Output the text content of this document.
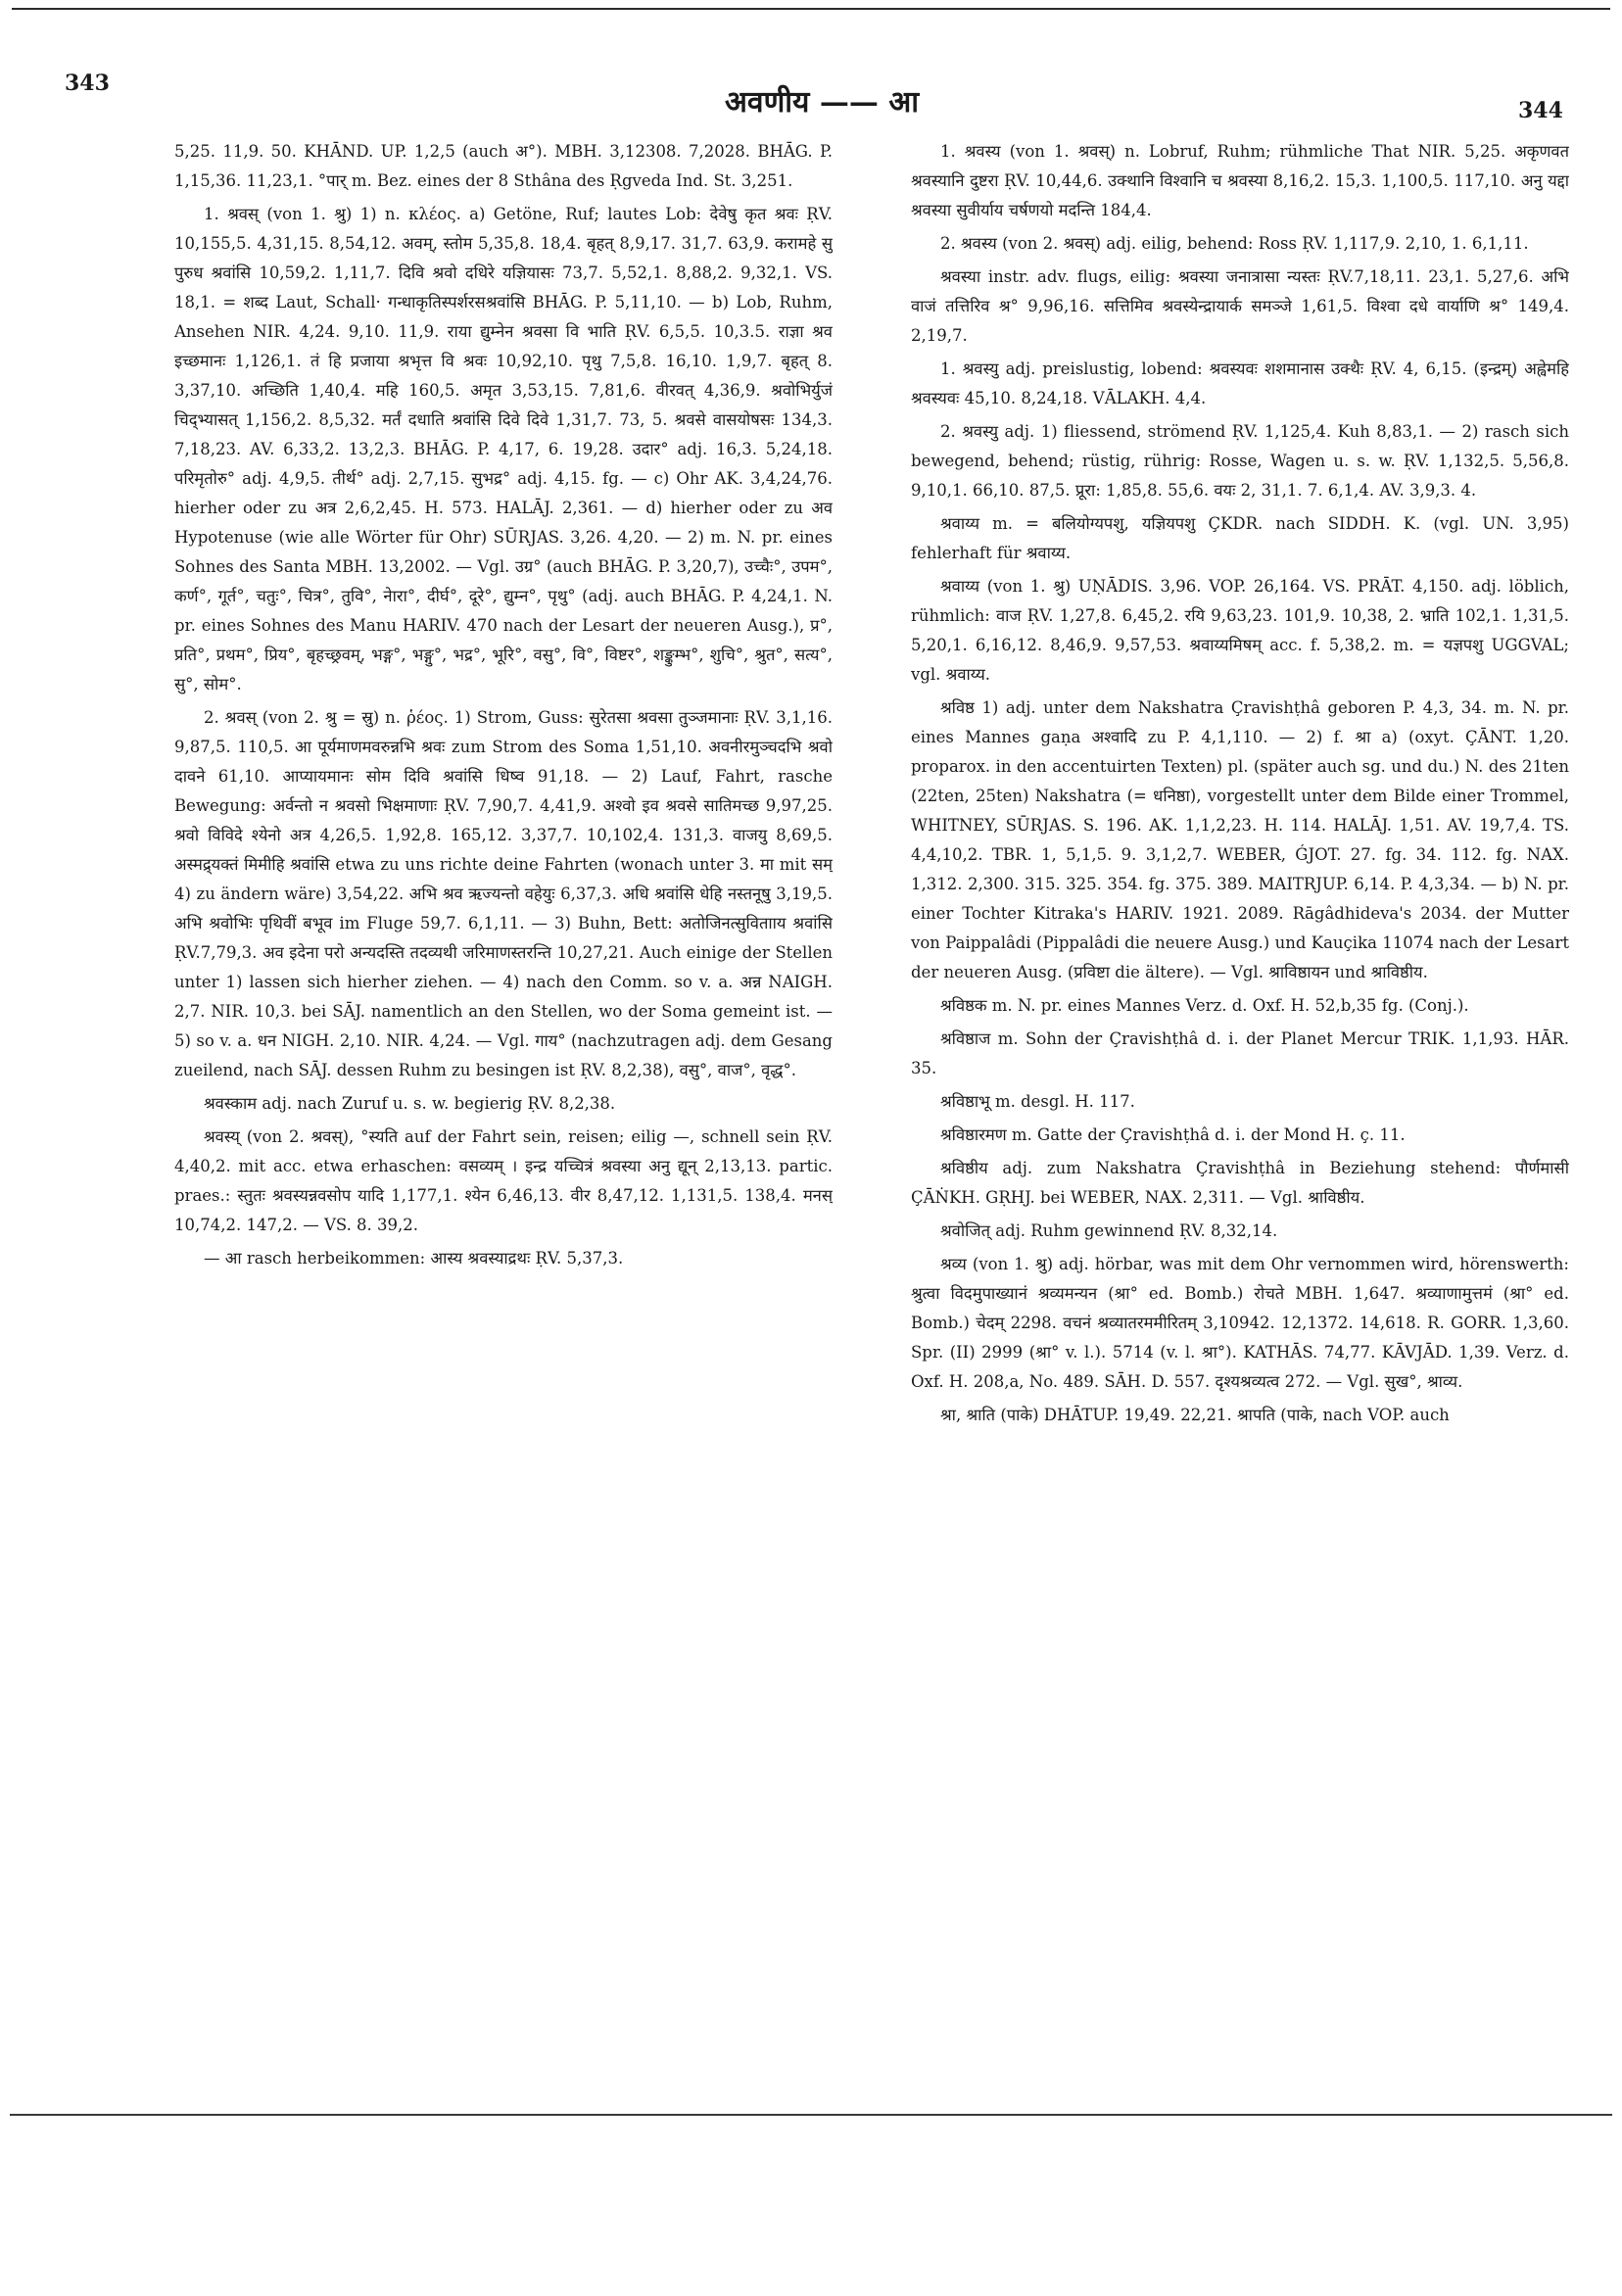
343
अवणीय —— आ	344

5,25. 11,9. 50. KHĀND. UP. 1,2,5 (auch अ°). MBH. 3,12308. 7,2028. BHĀG. P. 1,15,36. 11,23,1. °पार् m. Bez. eines der 8 Sthâna des Ṛgveda Ind. St. 3,251.

1. श्रवस् (von 1. श्रु) 1) n. κλέος. a) Getöne, Ruf; lautes Lob: देवेषु कृत श्रवः ṚV. 10,155,5. 4,31,15. 8,54,12. अवम्, स्तोम 5,35,8. 18,4. बृहत् 8,9,17. 31,7. 63,9. करामहे सु पुरुध श्रवांसि 10,59,2. 1,11,7. दिवि श्रवो दधिरे यज्ञियासः 73,7. 5,52,1. 8,88,2. 9,32,1. VS. 18,1. = शब्द Laut, Schall· गन्धाकृतिस्पर्शरसश्रवांसि BHĀG. P. 5,11,10. — b) Lob, Ruhm, Ansehen NIR. 4,24. 9,10. 11,9. राया द्युम्नेन श्रवसा वि भाति ṚV. 6,5,5. 10,3.5. राज्ञा श्रव इच्छमानः 1,126,1. तं हि प्रजाया श्रभृत्त वि श्रवः 10,92,10. पृथु 7,5,8. 16,10. 1,9,7. बृहत् 8. 3,37,10. अच्छिति 1,40,4. महि 160,5. अमृत 3,53,15. 7,81,6. वीरवत् 4,36,9. श्रवोभिर्युजं चिद्भ्यासत् 1,156,2. 8,5,32. मर्तं दधाति श्रवांसि दिवे दिवे 1,31,7. 73, 5. श्रवसे वासयोषसः 134,3. 7,18,23. AV. 6,33,2. 13,2,3. BHĀG. P. 4,17, 6. 19,28. उदार° adj. 16,3. 5,24,18. परिमृतोरु° adj. 4,9,5. तीर्थ° adj. 2,7,15. सुभद्र° adj. 4,15. fg. — c) Ohr AK. 3,4,24,76. hierher oder zu अत्र 2,6,2,45. H. 573. HALĀJ. 2,361. — d) hierher oder zu अव Hypotenuse (wie alle Wörter für Ohr) SŪRJAS. 3,26. 4,20. — 2) m. N. pr. eines Sohnes des Santa MBH. 13,2002. — Vgl. उग्र° (auch BHĀG. P. 3,20,7), उच्चैः°, उपम°, कर्ण°, गूर्त°, चतुः°, चित्र°, तुवि°, नेारा°, दीर्घ°, दूरे°, द्युम्न°, पृथु° (adj. auch BHĀG. P. 4,24,1. N. pr. eines Sohnes des Manu HARIV. 470 nach der Lesart der neueren Ausg.), प्र°, प्रति°, प्रथम°, प्रिय°, बृहच्छ्रवम्, भङ्ग°, भङ्गु°, भद्र°, भूरि°, वसु°, वि°, विष्टर°, शङ्कुम्भ°, शुचि°, श्रुत°, सत्य°, सु°, सोम°.

2. श्रवस् (von 2. श्रु = स्रु) n. ῥέος. 1) Strom, Guss: सुरेतसा श्रवसा तुञ्जमानाः ṚV. 3,1,16. 9,87,5. 110,5. आ पूर्यमाणमवरुन्नभि श्रवः zum Strom des Soma 1,51,10. अवनीरमुञ्चदभि श्रवो दावने 61,10. आप्यायमानः सोम दिवि श्रवांसि धिष्व 91,18. — 2) Lauf, Fahrt, rasche Bewegung: अर्वन्तो न श्रवसो भिक्षमाणाः ṚV. 7,90,7. 4,41,9. अश्वो इव श्रवसे सातिमच्छ 9,97,25. श्रवो विविदे श्येनो अत्र 4,26,5. 1,92,8. 165,12. 3,37,7. 10,102,4. 131,3. वाजयु 8,69,5. अस्मद्र्यक्तं मिमीहि श्रवांसि etwa zu uns richte deine Fahrten (wonach unter 3. मा mit सम् 4) zu ändern wäre) 3,54,22. अभि श्रव ऋज्यन्तो वहेयुः 6,37,3. अधि श्रवांसि धेहि नस्तनूषु 3,19,5. अभि श्रवोभिः पृथिवीं बभूव im Fluge 59,7. 6,1,11. — 3) Buhn, Bett: अतोजिनत्सुवितााय श्रवांसि ṚV.7,79,3. अव इदेना परो अन्यदस्ति तदव्यथी जरिमाणस्तरन्ति 10,27,21. Auch einige der Stellen unter 1) lassen sich hierher ziehen. — 4) nach den Comm. so v. a. अन्न NAIGH. 2,7. NIR. 10,3. bei SĀJ. namentlich an den Stellen, wo der Soma gemeint ist. — 5) so v. a. धन NIGH. 2,10. NIR. 4,24. — Vgl. गाय° (nachzutragen adj. dem Gesang zueilend, nach SĀJ. dessen Ruhm zu besingen ist ṚV. 8,2,38), वसु°, वाज°, वृद्ध°.

श्रवस्काम adj. nach Zuruf u. s. w. begierig ṚV. 8,2,38.

श्रवस्य् (von 2. श्रवस्), °स्यति auf der Fahrt sein, reisen; eilig —, schnell sein ṚV. 4,40,2. mit acc. etwa erhaschen: वसव्यम् । इन्द्र यच्चित्रं श्रवस्या अनु द्यून् 2,13,13. partic. praes.: स्तुतः श्रवस्यन्नवसोप यादि 1,177,1. श्येन 6,46,13. वीर 8,47,12. 1,131,5. 138,4. मनस् 10,74,2. 147,2. — VS. 8. 39,2.

— आ rasch herbeikommen: आस्य श्रवस्याद्रथः ṚV. 5,37,3.

1. श्रवस्य (von 1. श्रवस्) n. Lobruf, Ruhm; rühmliche That NIR. 5,25. अकृणवत श्रवस्यानि दुष्टरा ṚV. 10,44,6. उक्थानि विश्वानि च श्रवस्या 8,16,2. 15,3. 1,100,5. 117,10. अनु यद्दा श्रवस्या सुवीर्याय चर्षणयो मदन्ति 184,4.

2. श्रवस्य (von 2. श्रवस्) adj. eilig, behend: Ross ṚV. 1,117,9. 2,10, 1. 6,1,11.

श्रवस्या instr. adv. flugs, eilig: श्रवस्या जनात्रासा न्यस्तः ṚV.7,18,11. 23,1. 5,27,6. अभि वाजं तत्तिरिव श्र° 9,96,16. सत्तिमिव श्रवस्येन्द्रायार्क समञ्जे 1,61,5. विश्वा दधे वार्याणि श्र° 149,4. 2,19,7.

1. श्रवस्यु adj. preislustig, lobend: श्रवस्यवः शशमानास उक्थैः ṚV. 4, 6,15. (इन्द्रम्) अह्वेमहि श्रवस्यवः 45,10. 8,24,18. VĀLAKH. 4,4.

2. श्रवस्यु adj. 1) fliessend, strömend ṚV. 1,125,4. Kuh 8,83,1. — 2) rasch sich bewegend, behend; rüstig, rührig: Rosse, Wagen u. s. w. ṚV. 1,132,5. 5,56,8. 9,10,1. 66,10. 87,5. प्रूरा: 1,85,8. 55,6. वयः 2, 31,1. 7. 6,1,4. AV. 3,9,3. 4.

श्रवाय्य m. = बलियोग्यपशु, यज्ञियपशु ÇKDR. nach SIDDH. K. (vgl. UN. 3,95) fehlerhaft für श्रवाय्य.

श्रवाय्य (von 1. श्रु) UṆĀDIS. 3,96. VOP. 26,164. VS. PRĀT. 4,150. adj. löblich, rühmlich: वाज ṚV. 1,27,8. 6,45,2. रयि 9,63,23. 101,9. 10,38, 2. भ्राति 102,1. 1,31,5. 5,20,1. 6,16,12. 8,46,9. 9,57,53. श्रवाय्यमिषम् acc. f. 5,38,2. m. = यज्ञपशु UGGVAL; vgl. श्रवाय्य.

श्रविष्ठ 1) adj. unter dem Nakshatra Çravishṭhâ geboren P. 4,3, 34. m. N. pr. eines Mannes gaṇa अश्वादि zu P. 4,1,110. — 2) f. श्रा a) (oxyt. ÇĀNT. 1,20. proparox. in den accentuirten Texten) pl. (später auch sg. und du.) N. des 21ten (22ten, 25ten) Nakshatra (= धनिष्ठा), vorgestellt unter dem Bilde einer Trommel, WHITNEY, SŪRJAS. S. 196. AK. 1,1,2,23. H. 114. HALĀJ. 1,51. AV. 19,7,4. TS. 4,4,10,2. TBR. 1, 5,1,5. 9. 3,1,2,7. WEBER, ǴJOT. 27. fg. 34. 112. fg. NAX. 1,312. 2,300. 315. 325. 354. fg. 375. 389. MAITRJUP. 6,14. P. 4,3,34. — b) N. pr. einer Tochter Kitraka's HARIV. 1921. 2089. Rāgâdhideva's 2034. der Mutter von Paippalâdi (Pippalâdi die neuere Ausg.) und Kauçika 11074 nach der Lesart der neueren Ausg. (प्रविष्टा die ältere). — Vgl. श्राविष्ठायन und श्राविष्ठीय.

श्रविष्ठक m. N. pr. eines Mannes Verz. d. Oxf. H. 52,b,35 fg. (Conj.).

श्रविष्ठाज m. Sohn der Çravishṭhâ d. i. der Planet Mercur TRIK. 1,1,93. HĀR. 35.

श्रविष्ठाभू m. desgl. H. 117.

श्रविष्ठारमण m. Gatte der Çravishṭhâ d. i. der Mond H. ç. 11.

श्रविष्ठीय adj. zum Nakshatra Çravishṭhâ in Beziehung stehend: पौर्णमासी ÇĀṄKH. GṚHJ. bei WEBER, NAX. 2,311. — Vgl. श्राविष्ठीय.

श्रवोजित् adj. Ruhm gewinnend ṚV. 8,32,14.

श्रव्य (von 1. श्रु) adj. hörbar, was mit dem Ohr vernommen wird, hörenswerth: श्रुत्वा विदमुपाख्यानं श्रव्यमन्यन (श्रा° ed. Bomb.) रोचते MBH. 1,647. श्रव्याणामुत्तमं (श्रा° ed. Bomb.) चेदम् 2298. वचनं श्रव्यातरममीरितम् 3,10942. 12,1372. 14,618. R. GORR. 1,3,60. Spr. (II) 2999 (श्रा° v. l.). 5714 (v. l. श्रा°). KATHĀS. 74,77. KĀVJĀD. 1,39. Verz. d. Oxf. H. 208,a, No. 489. SĀH. D. 557. दृश्यश्रव्यत्व 272. — Vgl. सुख°, श्राव्य.

श्रा, श्राति (पाके) DHĀTUP. 19,49. 22,21. श्रापति (पाके, nach VOP. auch
